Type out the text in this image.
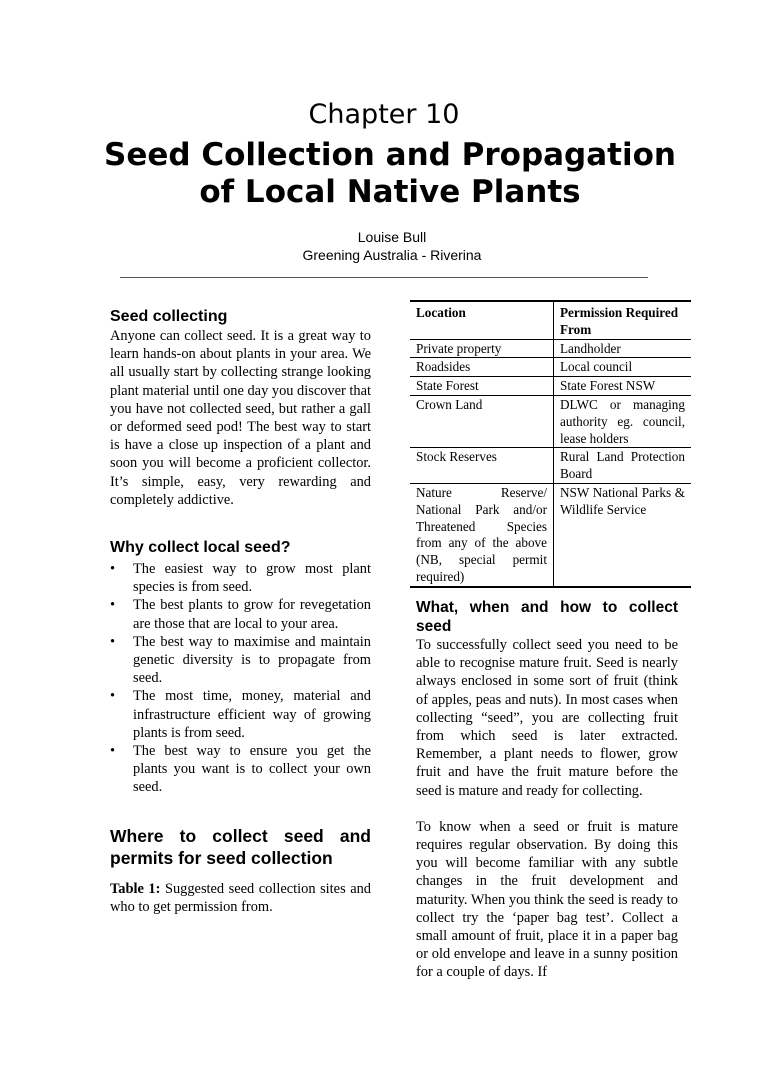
Chapter 10
Seed Collection and Propagation of Local Native Plants
Louise Bull
Greening Australia - Riverina
Seed collecting

Anyone can collect seed. It is a great way to learn hands-on about plants in your area. We all usually start by collecting strange looking plant material until one day you discover that you have not collected seed, but rather a gall or deformed seed pod! The best way to start is have a close up inspection of a plant and soon you will become a proficient collector. It’s simple, easy, very rewarding and completely addictive.

Why collect local seed?
• The easiest way to grow most plant species is from seed.
• The best plants to grow for revegetation are those that are local to your area.
• The best way to maximise and maintain genetic diversity is to propagate from seed.
• The most time, money, material and infrastructure efficient way of growing plants is from seed.
• The best way to ensure you get the plants you want is to collect your own seed.
Where to collect seed and permits for seed collection

Table 1: Suggested seed collection sites and who to get permission from.

Location	Permission Required From
Private property	Landholder
Roadsides	Local council
State Forest	State Forest NSW
Crown Land	DLWC or managing authority eg. council, lease holders
Stock Reserves	Rural Land Protection Board
Nature Reserve/ National Park and/or Threatened Species from any of the above (NB, special permit required)	NSW National Parks & Wildlife Service
What, when and how to collect seed

To successfully collect seed you need to be able to recognise mature fruit. Seed is nearly always enclosed in some sort of fruit (think of apples, peas and nuts). In most cases when collecting “seed”, you are collecting fruit from which seed is later extracted. Remember, a plant needs to flower, grow fruit and have the fruit mature before the seed is mature and ready for collecting.

To know when a seed or fruit is mature requires regular observation. By doing this you will become familiar with any subtle changes in the fruit development and maturity. When you think the seed is ready to collect try the ‘paper bag test’. Collect a small amount of fruit, place it in a paper bag or old envelope and leave in a sunny position for a couple of days. If
